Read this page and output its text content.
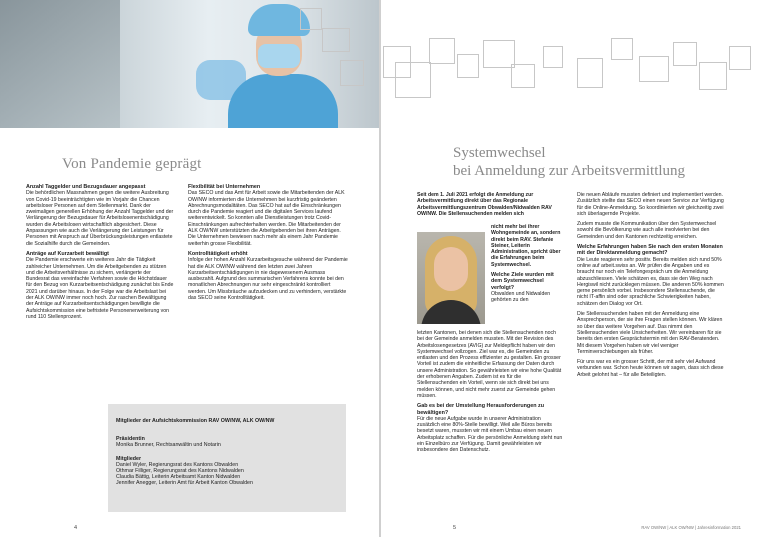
Von Pandemie geprägt
Anzahl Taggelder und Bezugsdauer angepasst

Die behördlichen Massnahmen gegen die weitere Ausbreitung von Covid-19 beeinträchtigten wie im Vorjahr die Chancen arbeitsloser Personen auf dem Stellenmarkt. Dank der zweimaligen generellen Erhöhung der Anzahl Taggelder und der Verlängerung der Bezugsdauer für Arbeitslosenentschädigung wurden die Arbeitslosen wirtschaftlich abgesichert. Diese Anpassungen wie auch die Verlängerung der Leistungen für Personen mit Anspruch auf Überbrückungsleistungen entlastete die Sozialhilfe durch die Gemeinden.

Anträge auf Kurzarbeit bewältigt

Die Pandemie erschwerte ein weiteres Jahr die Tätigkeit zahlreicher Unternehmen. Um die Arbeitgebenden zu stützen und die Arbeitsverhältnisse zu sichern, verlängerte der Bundesrat das vereinfachte Verfahren sowie die Höchstdauer für den Bezug von Kurzarbeitsentschädigung zunächst bis Ende 2021 und darüber hinaus. In der Folge war die Arbeitslast bei der ALK OW/NW immer noch hoch. Zur raschen Bewältigung der Anträge auf Kurzarbeitsentschädigungen bewilligte die Aufsichtskommission eine befristete Personenerweiterung von rund 110 Stellenprozent.

Flexibilität bei Unternehmen

Das SECO und das Amt für Arbeit sowie die Mitarbeitenden der ALK OW/NW informierten die Unternehmen bei kurzfristig geänderten Abrechnungsmodalitäten. Das SECO hat auf die Einschränkungen durch die Pandemie reagiert und die digitalen Services laufend weiterentwickelt. So konnten alle Dienstleistungen trotz Covid-Einschränkungen aufrechterhalten werden. Die Mitarbeitenden der ALK OW/NW unterstützten die Arbeitgebenden bei ihren Anträgen. Die Unternehmen bewiesen nach mehr als einem Jahr Pandemie weiterhin grosse Flexibilität.

Kontrolltätigkeit erhöht

Infolge der hohen Anzahl Kurzarbeitsgesuche während der Pandemie hat die ALK OW/NW während den letzten zwei Jahren Kurzarbeitsentschädigungen in nie dagewesenem Ausmass ausbezahlt. Aufgrund des summarischen Verfahrens konnte bei den monatlichen Abrechnungen nur sehr eingeschränkt kontrolliert werden. Um Missbräuche aufzudecken und zu verhindern, verstärkte das SECO seine Kontrolltätigkeit.

Mitglieder der Aufsichtskommission RAV OW/NW, ALK OW/NW
Präsidentin
Monika Brunner, Rechtsanwältin und Notarin
Mitglieder
Daniel Wyler, Regierungsrat des Kantons Obwalden
Othmar Filliger, Regierungsrat des Kantons Nidwalden
Claudia Bättig, Leiterin Arbeitsamt Kanton Nidwalden
Jennifer Anegger, Leiterin Amt für Arbeit Kanton Obwalden
4
Systemwechsel
bei Anmeldung zur Arbeitsvermittlung
Seit dem 1. Juli 2021 erfolgt die Anmeldung zur Arbeitsvermittlung direkt über das Regionale Arbeitsvermittlungszentrum Obwalden/Nidwalden RAV OW/NW. Die Stellensuchenden melden sich

nicht mehr bei ihrer Wohngemeinde an, sondern direkt beim RAV. Stefanie Steiner, Leiterin Administration, spricht über die Erfahrungen beim Systemwechsel.

Welche Ziele wurden mit dem Systemwechsel verfolgt?

Obwalden und Nidwalden gehörten zu den

letzten Kantonen, bei denen sich die Stellensuchenden noch bei der Gemeinde anmelden mussten. Mit der Revision des Arbeitslosengesetzes (AVIG) zur Meldepflicht haben wir den Systemwechsel vollzogen. Ziel war es, die Gemeinden zu entlasten und den Prozess effizienter zu gestalten. Ein grosser Vorteil ist zudem die einheitliche Erfassung der Daten durch unsere Administration. So gewährleisten wir eine hohe Qualität der erhobenen Angaben. Zudem ist es für die Stellensuchenden ein Vorteil, wenn sie sich direkt bei uns melden können, und nicht mehr zuerst zur Gemeinde gehen müssen.

Gab es bei der Umstellung Herausforderungen zu bewältigen?

Für die neue Aufgabe wurde in unserer Administration zusätzlich eine 80%-Stelle bewilligt. Weil alle Büros bereits besetzt waren, mussten wir mit einem Umbau einen neuen Arbeitsplatz schaffen. Für die persönliche Anmeldung steht nun ein Einzelbüro zur Verfügung. Damit gewährleisten wir insbesondere den Datenschutz.

Die neuen Abläufe mussten definiert und implementiert werden. Zusätzlich stellte das SECO einen neuen Service zur Verfügung für die Online-Anmeldung. So koordinierten wir gleichzeitig zwei sich überlagernde Projekte.

Zudem musste die Kommunikation über den Systemwechsel sowohl die Bevölkerung wie auch alle involvierten bei den Gemeinden und den Kantonen rechtzeitig erreichen.

Welche Erfahrungen haben Sie nach den ersten Monaten mit der Direktanmeldung gemacht?

Die Leute reagieren sehr positiv. Bereits melden sich rund 50% online auf arbeit.swiss an. Wir prüfen die Angaben und es braucht nur noch ein Telefongespräch um die Anmeldung abzuschliessen. Viele schätzen es, dass sie den Weg nach Hergiswil nicht zurücklegen müssen. Die anderen 50% kommen gerne persönlich vorbei. Insbesondere Stellensuchende, die nicht IT-affin sind oder sprachliche Schwierigkeiten haben, schätzen den Dialog vor Ort.

Die Stellensuchenden haben mit der Anmeldung eine Ansprechperson, der sie ihre Fragen stellen können. Wir klären so über das weitere Vorgehen auf. Das nimmt den Stellensuchenden viele Unsicherheiten. Wir vereinbaren für sie bereits den ersten Gesprächstermin mit den RAV-Beratenden. Mit diesem Vorgehen haben wir viel weniger Terminverschiebungen als früher.

Für uns war es ein grosser Schritt, der mit sehr viel Aufwand verbunden war. Schon heute können wir sagen, dass sich diese Arbeit gelohnt hat – für alle Beteiligten.

5	RAV OW/NW | ALK OW/NW | Jahresinformation 2021
